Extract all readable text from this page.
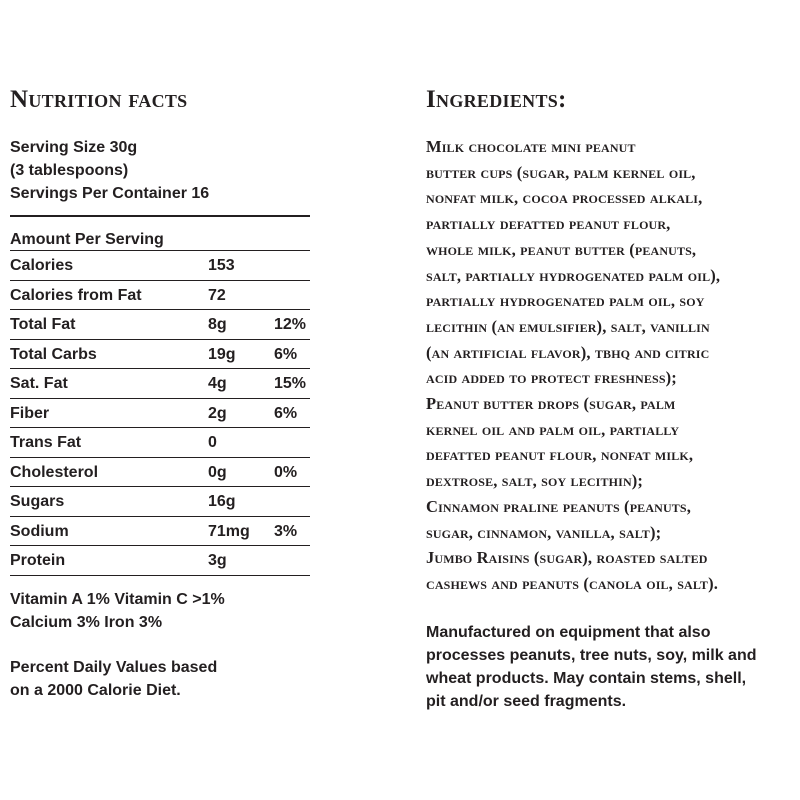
Nutrition facts
Serving Size 30g
(3 tablespoons)
Servings Per Container 16
Amount Per Serving
Calories	153
Calories from Fat	72
Total Fat	8g	12%
Total Carbs	19g 6%
Sat. Fat	4g	15%
Fiber	2g	6%
Trans Fat	0
Cholesterol	0g	0%
Sugars	16g
Sodium	71mg 3%
Protein	3g
Vitamin A 1% Vitamin C >1%
Calcium 3% Iron 3%
Percent Daily Values based
on a 2000 Calorie Diet.
Ingredients:
Milk chocolate mini peanut
butter cups (sugar, palm kernel oil,
nonfat milk, cocoa processed alkali,
partially defatted peanut flour,
whole milk, peanut butter (peanuts,
salt, partially hydrogenated palm oil),
partially hydrogenated palm oil, soy
lecithin (an emulsifier), salt, vanillin
(an artificial flavor), tbhq and citric
acid added to protect freshness);
Peanut butter drops (sugar, palm
kernel oil and palm oil, partially
defatted peanut flour, nonfat milk,
dextrose, salt, soy lecithin);
Cinnamon praline peanuts (peanuts,
sugar, cinnamon, vanilla, salt);
Jumbo Raisins (sugar), roasted salted
cashews and peanuts (canola oil, salt).
Manufactured on equipment that also
processes peanuts, tree nuts, soy, milk and
wheat products. May contain stems, shell,
pit and/or seed fragments.
